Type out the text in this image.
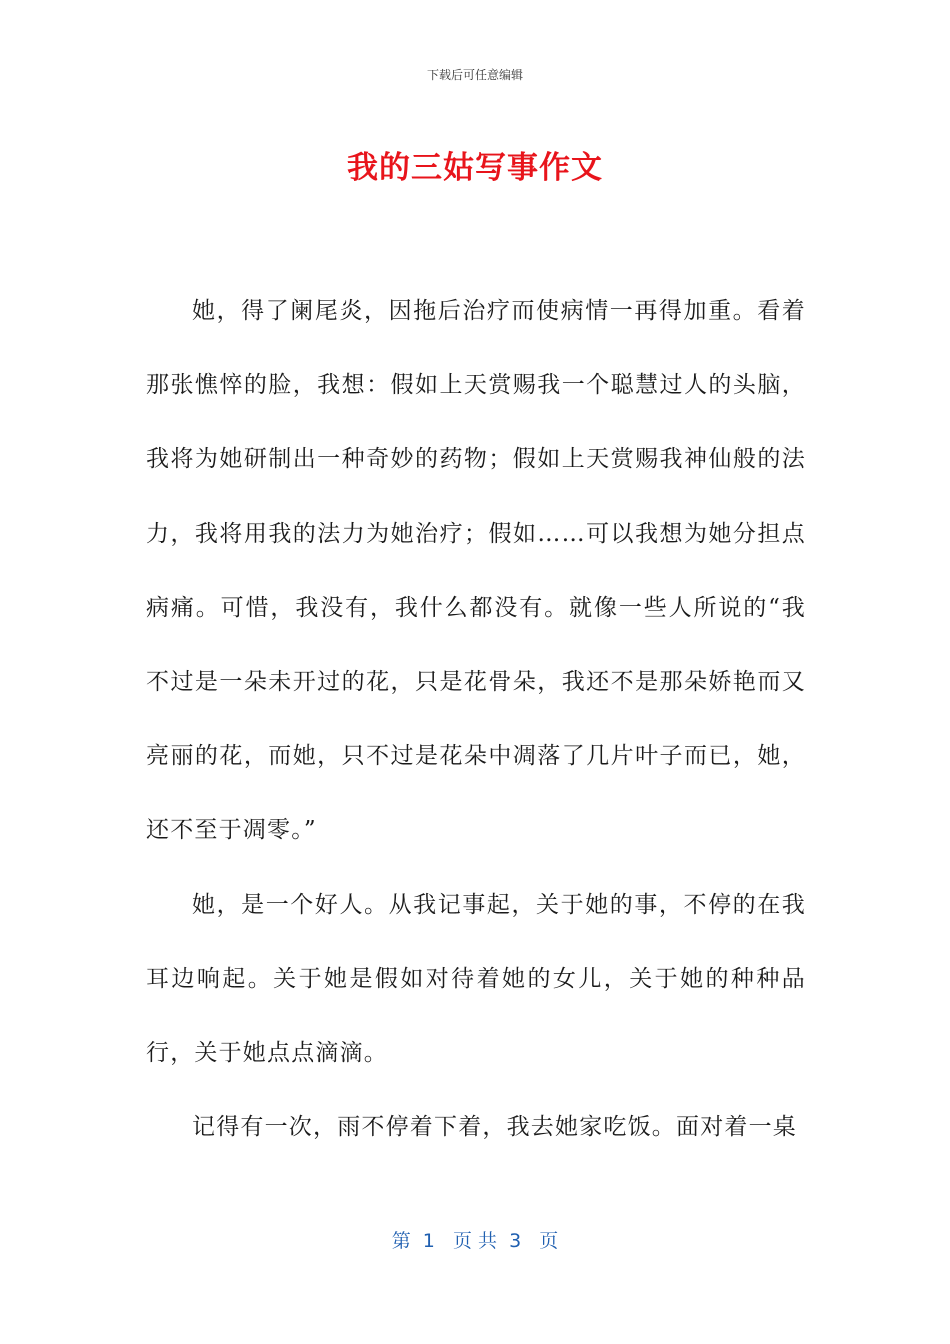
下载后可任意编辑
我的三姑写事作文

她，得了阑尾炎，因拖后治疗而使病情一再得加重。看着那张憔悴的脸，我想：假如上天赏赐我一个聪慧过人的头脑，我将为她研制出一种奇妙的药物；假如上天赏赐我神仙般的法力，我将用我的法力为她治疗；假如……可以我想为她分担点病痛。可惜，我没有，我什么都没有。就像一些人所说的“我不过是一朵未开过的花，只是花骨朵，我还不是那朵娇艳而又亮丽的花，而她，只不过是花朵中凋落了几片叶子而已，她，还不至于凋零。”

她，是一个好人。从我记事起，关于她的事，不停的在我耳边响起。关于她是假如对待着她的女儿，关于她的种种品行，关于她点点滴滴。

记得有一次，雨不停着下着，我去她家吃饭。面对着一桌

第  1   页 共  3   页
